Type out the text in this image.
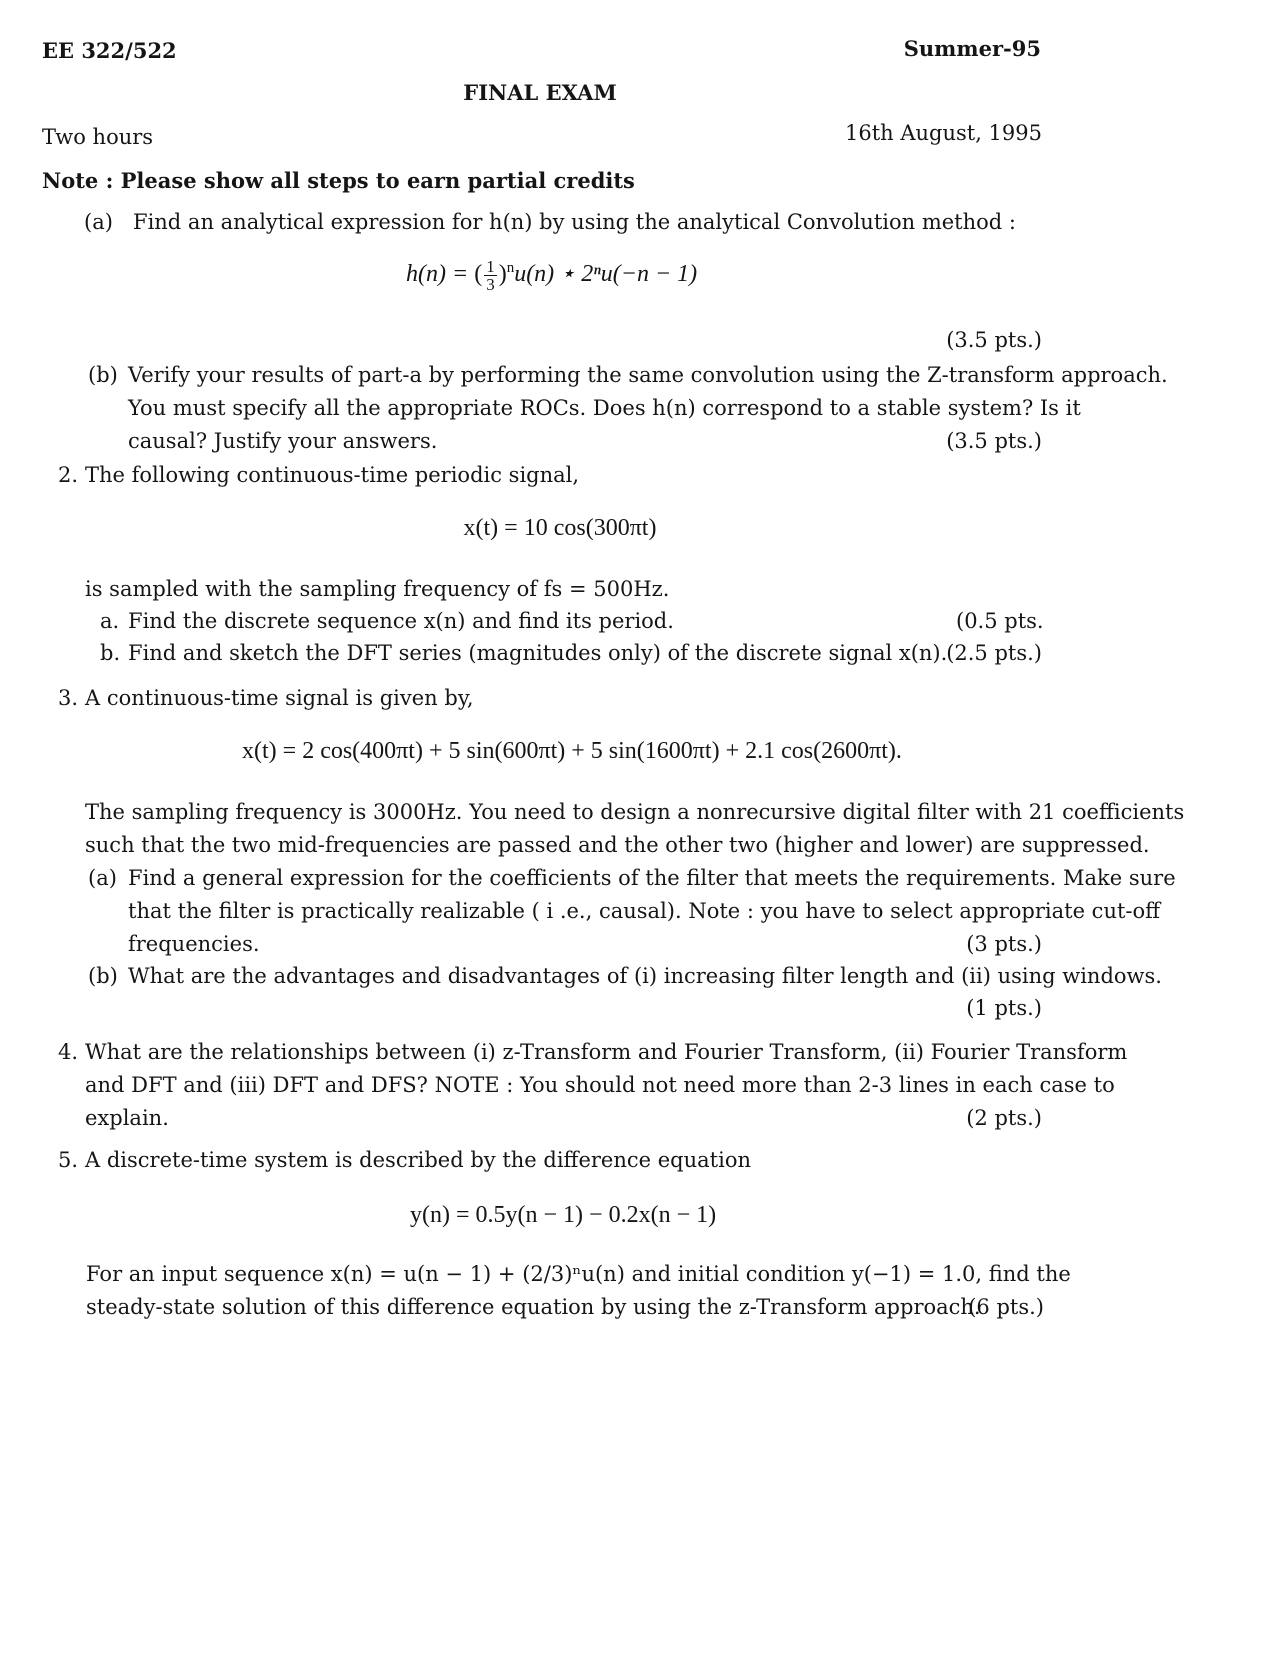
EE 322/522	Summer-95
FINAL EXAM
Two hours	16th August, 1995
Note : Please show all steps to earn partial credits
(a) Find an analytical expression for h(n) by using the analytical Convolution method :
h(n) = ( $\frac{1}{3} )^nu(n)$ ⋆ 2ⁿu(−n − 1)
(3.5 pts.)
(b) Verify your results of part-a by performing the same convolution using the Z-transform approach.
You must specify all the appropriate ROCs. Does h(n) correspond to a stable system? Is it
causal? Justify your answers.	(3.5 pts.)
2. The following continuous-time periodic signal,
x(t) = 10 cos(300πt)
is sampled with the sampling frequency of fs = 500Hz.
a. Find the discrete sequence x(n) and find its period.	(0.5 pts.
b. Find and sketch the DFT series (magnitudes only) of the discrete signal x(n).
(2.5 pts.)
3. A continuous-time signal is given by,
x(t) = 2 cos(400πt) + 5 sin(600πt) + 5 sin(1600πt) + 2.1 cos(2600πt).
The sampling frequency is 3000Hz. You need to design a nonrecursive digital filter with 21 coefficients
such that the two mid-frequencies are passed and the other two (higher and lower) are suppressed.
(a) Find a general expression for the coefficients of the filter that meets the requirements. Make sure
that the filter is practically realizable ( i .e., causal). Note : you have to select appropriate cut-off
frequencies.	(3 pts.)
(b) What are the advantages and disadvantages of (i) increasing filter length and (ii) using windows.
(1 pts.)
4. What are the relationships between (i) z-Transform and Fourier Transform, (ii) Fourier Transform
and DFT and (iii) DFT and DFS? NOTE : You should not need more than 2-3 lines in each case to
explain.	(2 pts.)
5. A discrete-time system is described by the difference equation
y(n) = 0.5y(n − 1) − 0.2x(n − 1)
For an input sequence x(n) = u(n − 1) + (2/3)ⁿu(n) and initial condition y(−1) = 1.0, find the
steady-state solution of this difference equation by using the z-Transform approach.
(6 pts.)
